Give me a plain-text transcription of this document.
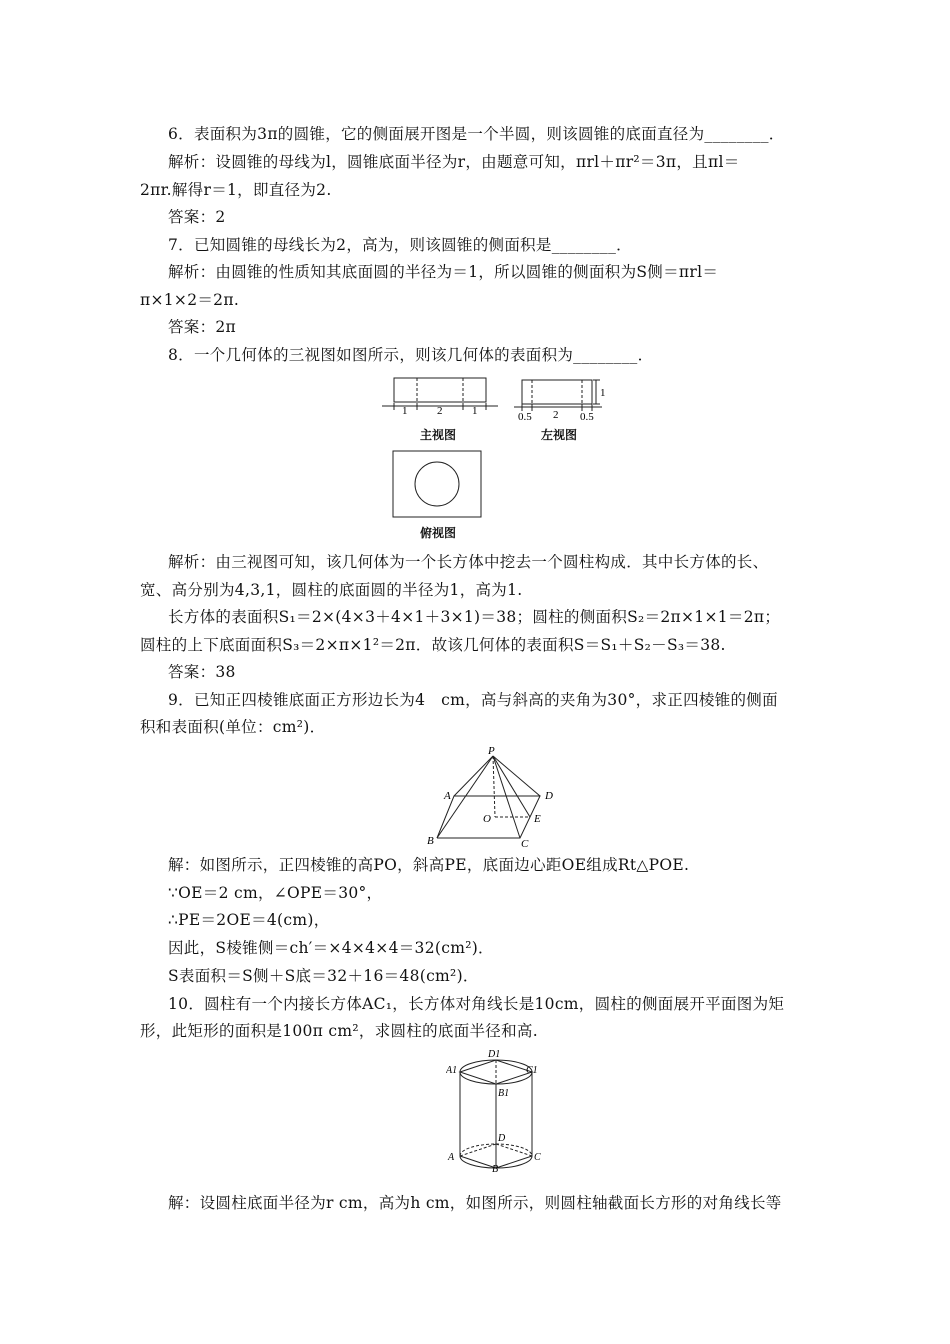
6．表面积为3π的圆锥，它的侧面展开图是一个半圆，则该圆锥的底面直径为________．
解析：设圆锥的母线为l，圆锥底面半径为r，由题意可知，πrl＋πr²＝3π，且πl＝
2πr.解得r＝1，即直径为2.
答案：2
7．已知圆锥的母线长为2，高为，则该圆锥的侧面积是________．
解析：由圆锥的性质知其底面圆的半径为＝1，所以圆锥的侧面积为S侧＝πrl＝
π×1×2＝2π.
答案：2π
8．一个几何体的三视图如图所示，则该几何体的表面积为________．
1	2	1
主视图
1
0.5 2 0.5
左视图
俯视图
解析：由三视图可知，该几何体为一个长方体中挖去一个圆柱构成．其中长方体的长、
宽、高分别为4,3,1，圆柱的底面圆的半径为1，高为1.
长方体的表面积S₁＝2×(4×3＋4×1＋3×1)＝38；圆柱的侧面积S₂＝2π×1×1＝2π；
圆柱的上下底面面积S₃＝2×π×1²＝2π．故该几何体的表面积S＝S₁＋S₂－S₃＝38.
答案：38
9．已知正四棱锥底面正方形边长为4　cm，高与斜高的夹角为30°，求正四棱锥的侧面
积和表面积(单位：cm²)．
P
A	D
O	E
B	C
解：如图所示，正四棱锥的高PO，斜高PE，底面边心距OE组成Rt△POE.
∵OE＝2 cm，∠OPE＝30°，
∴PE＝2OE＝4(cm)，
因此，S棱锥侧＝ch′＝×4×4×4＝32(cm²)．
S表面积＝S侧＋S底＝32＋16＝48(cm²)．
10．圆柱有一个内接长方体AC₁，长方体对角线长是10cm，圆柱的侧面展开平面图为矩
形，此矩形的面积是100π cm²，求圆柱的底面半径和高.
D1
A1	C1
B1
D
A	C
B
解：设圆柱底面半径为r cm，高为h cm，如图所示，则圆柱轴截面长方形的对角线长等
